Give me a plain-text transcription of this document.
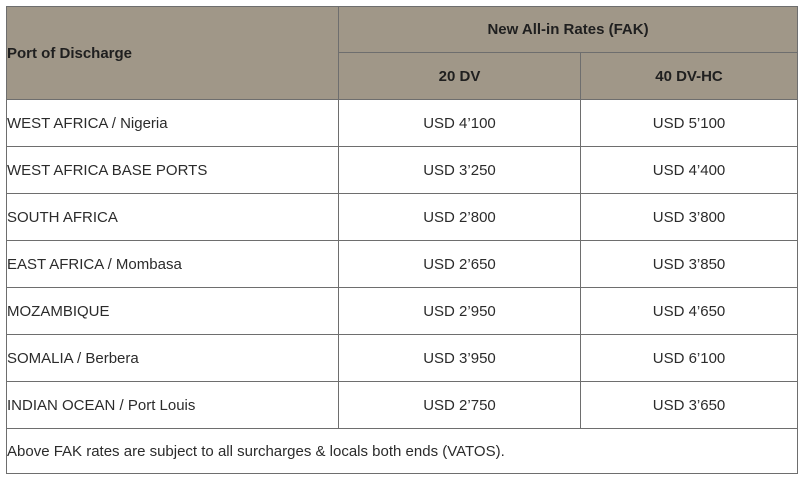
Port of Discharge	New All-in Rates (FAK)	
	20 DV	40 DV-HC
WEST AFRICA / Nigeria	USD 4’100	USD 5’100
WEST AFRICA BASE PORTS	USD 3’250	USD 4’400
SOUTH AFRICA	USD 2’800	USD 3’800
EAST AFRICA / Mombasa	USD 2’650	USD 3’850
MOZAMBIQUE	USD 2’950	USD 4’650
SOMALIA / Berbera	USD 3’950	USD 6’100
INDIAN OCEAN / Port Louis	USD 2’750	USD 3’650
Above FAK rates are subject to all surcharges & locals both ends (VATOS).		
